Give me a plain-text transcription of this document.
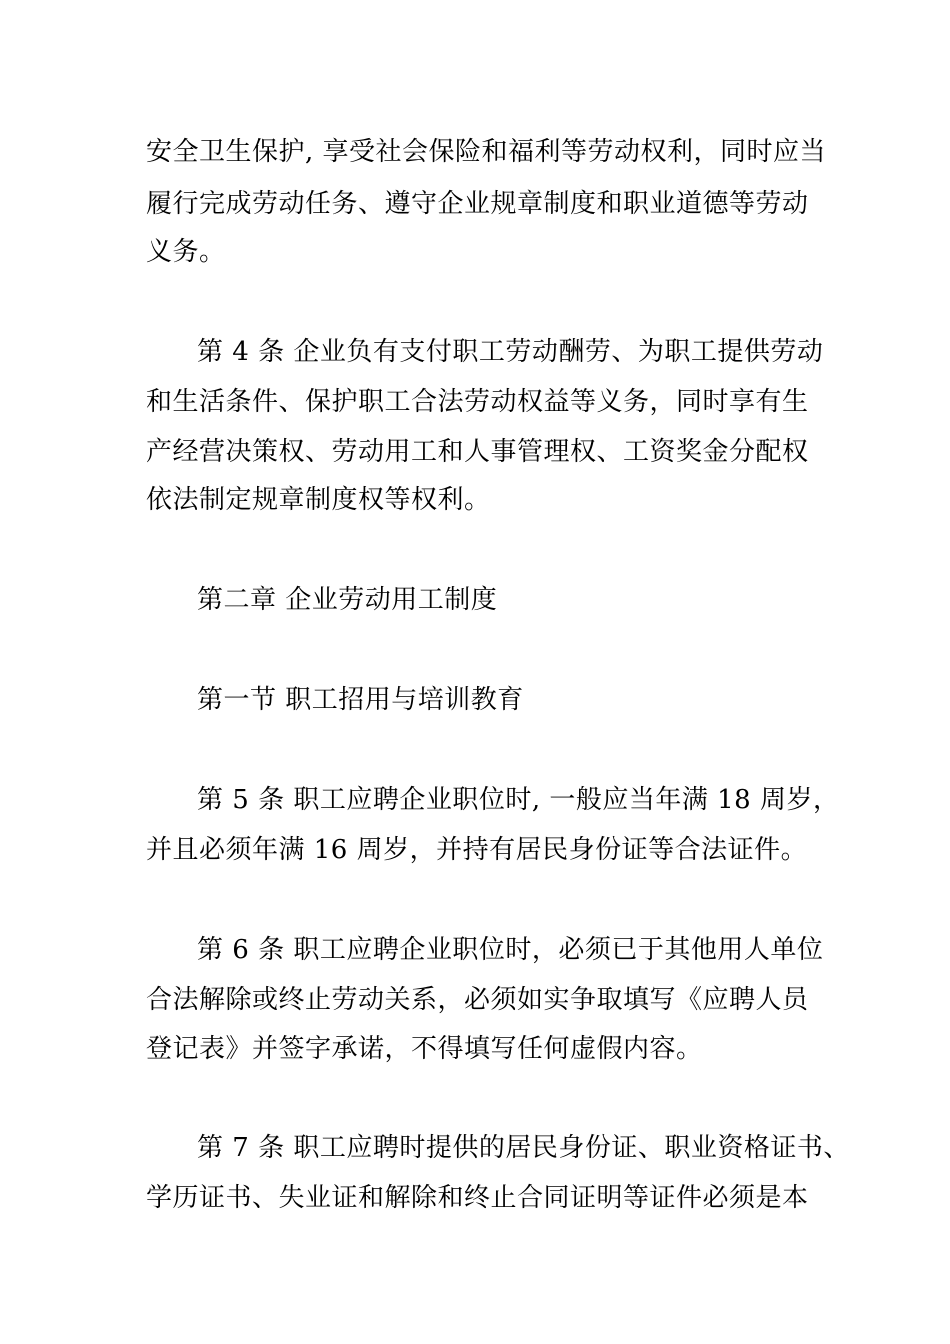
安全卫生保护, 享受社会保险和福利等劳动权利，同时应当
履行完成劳动任务、遵守企业规章制度和职业道德等劳动
义务。
第 4 条 企业负有支付职工劳动酬劳、为职工提供劳动
和生活条件、保护职工合法劳动权益等义务，同时享有生
产经营决策权、劳动用工和人事管理权、工资奖金分配权
依法制定规章制度权等权利。
第二章 企业劳动用工制度
第一节 职工招用与培训教育
第 5 条 职工应聘企业职位时, 一般应当年满 18 周岁，
并且必须年满 16 周岁，并持有居民身份证等合法证件。
第 6 条 职工应聘企业职位时，必须已于其他用人单位
合法解除或终止劳动关系，必须如实争取填写《应聘人员
登记表》并签字承诺，不得填写任何虚假内容。
第 7 条 职工应聘时提供的居民身份证、职业资格证书、
学历证书、失业证和解除和终止合同证明等证件必须是本
